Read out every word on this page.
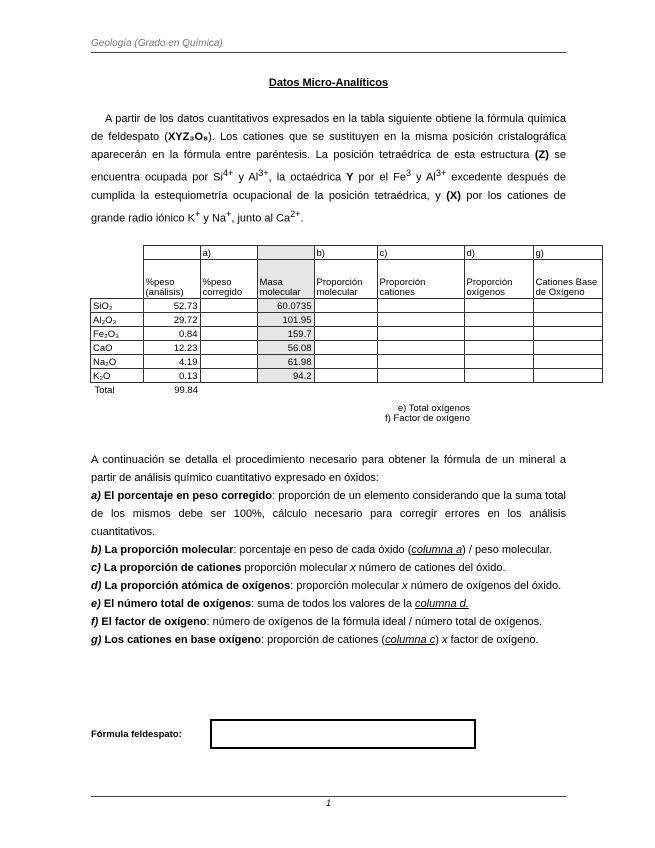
Geología (Grado en Química)
Datos Micro-Analíticos

A partir de los datos cuantitativos expresados en la tabla siguiente obtiene la fórmula química de feldespato (XYZ₃O₈). Los cationes que se sustituyen en la misma posición cristalográfica aparecerán en la fórmula entre paréntesis. La posición tetraédrica de esta estructura (Z) se encuentra ocupada por $Si^{4+}$ y $Al^{3+}$, la octaédrica Y por el Fe$^3$ y $Al^{3+}$ excedente después de cumplida la estequiometría ocupacional de la posición tetraédrica, y (X) por los cationes de grande radio iónico K+ y Na+, junto al $Ca^{2+}$.

		a)		b)	c)	d)	g)
	%peso (análisis)	%peso corregido	Masa molecular	Proporción molecular	Proporción cationes	Proporción oxígenos	Cationes Base de Oxígeno
SiO₂	52.73		60.0735				
Al₂O₃	29.72		101.95				
Fe₂O₃	0.84		159.7				
CaO	12.23		56.08				
Na₂O	4.19		61.98				
K₂O	0.13		94.2				
Total	99.84						
e) Total oxígenos
f) Factor de oxígeno

A continuación se detalla el procedimiento necesario para obtener la fórmula de un mineral a partir de análisis químico cuantitativo expresado en óxidos:

a) El porcentaje en peso corregido: proporción de un elemento considerando que la suma total de los mismos debe ser 100%, cálculo necesario para corregir errores en los análisis cuantitativos.

b) La proporción molecular: porcentaje en peso de cada óxido (columna a) / peso molecular.

c) La proporción de cationes proporción molecular x número de cationes del óxido.

d) La proporción atómica de oxígenos: proporción molecular x número de oxígenos del óxido.

e) El número total de oxígenos: suma de todos los valores de la columna d.

f) El factor de oxígeno: número de oxígenos de la fórmula ideal / número total de oxígenos.

g) Los cationes en base oxígeno: proporción de cationes (columna c) x factor de oxígeno.

Fórmula feldespato:
1
